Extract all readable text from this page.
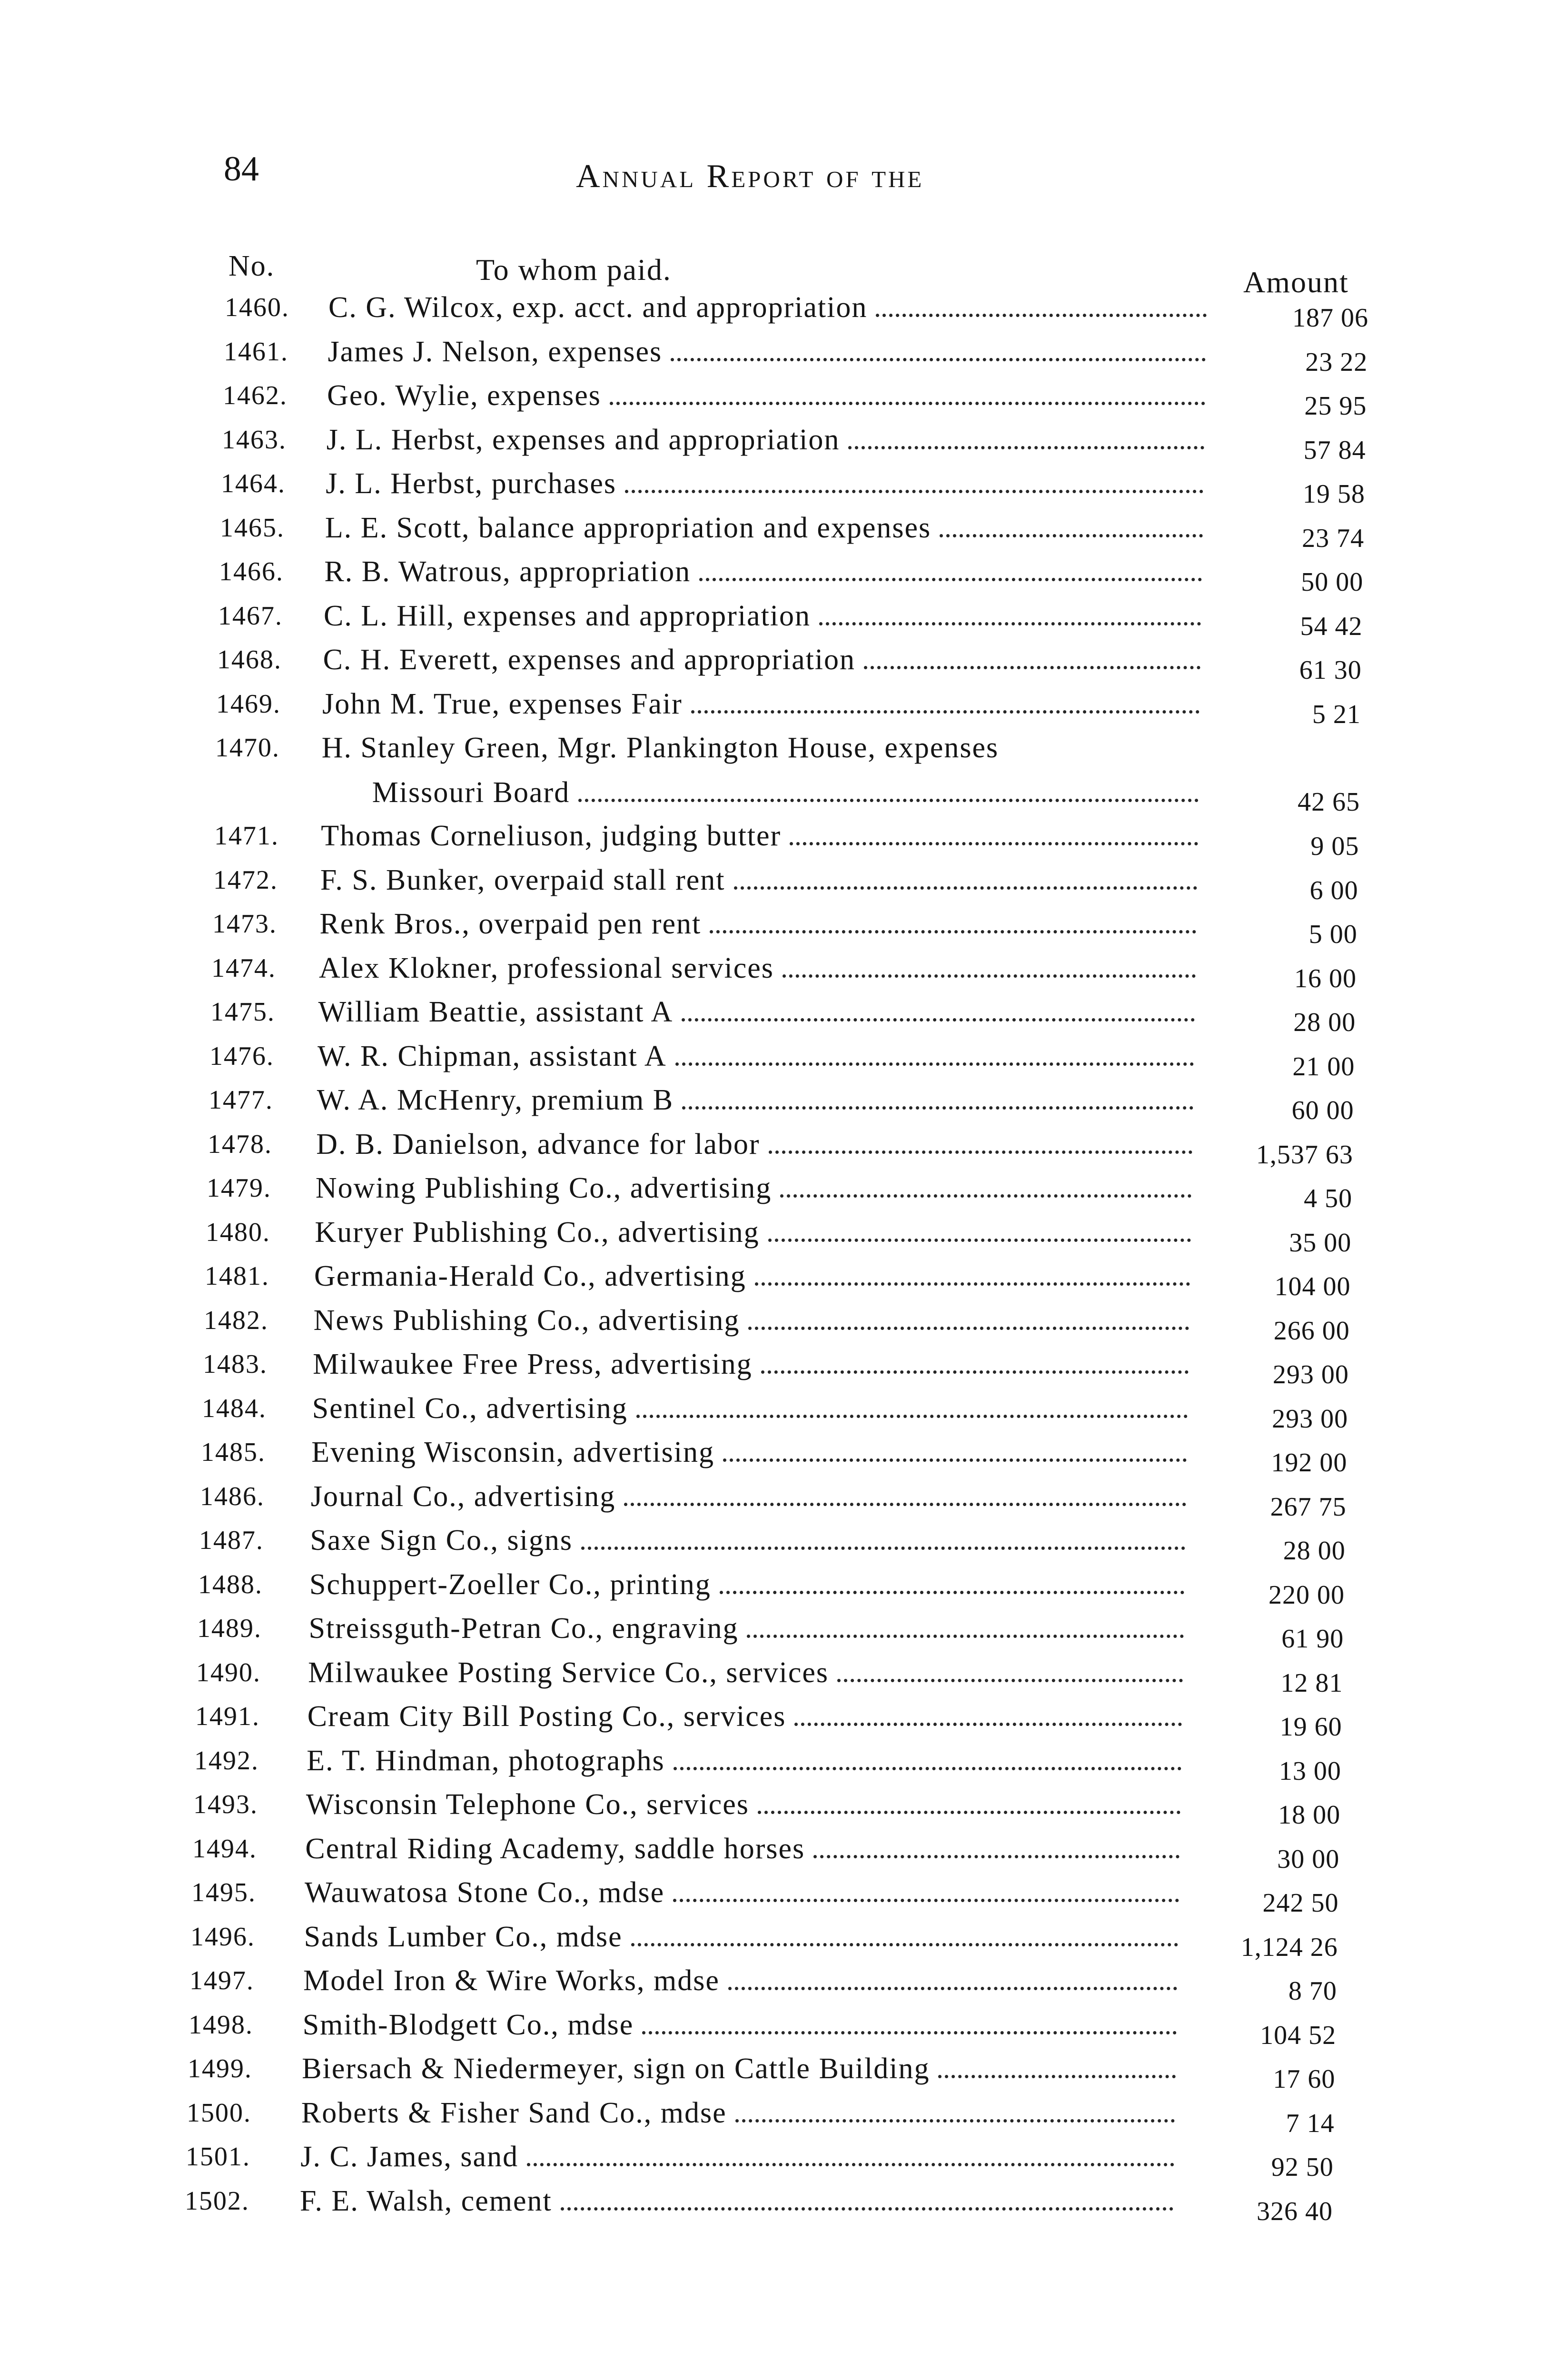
84	Annual Report of the
No.	To whom paid.	Amount
1460.	C. G. Wilcox, exp. acct. and appropriation	187 06
1461.	James J. Nelson, expenses	23 22
1462.	Geo. Wylie, expenses	25 95
1463.	J. L. Herbst, expenses and appropriation	57 84
1464.	J. L. Herbst, purchases	19 58
1465.	L. E. Scott, balance appropriation and expenses	23 74
1466.	R. B. Watrous, appropriation	50 00
1467.	C. L. Hill, expenses and appropriation	54 42
1468.	C. H. Everett, expenses and appropriation	61 30
1469.	John M. True, expenses Fair	5 21
1470.	H. Stanley Green, Mgr. Plankington House, expenses
Missouri Board	42 65
1471.	Thomas Corneliuson, judging butter	9 05
1472.	F. S. Bunker, overpaid stall rent	6 00
1473.	Renk Bros., overpaid pen rent	5 00
1474.	Alex Klokner, professional services	16 00
1475.	William Beattie, assistant A	28 00
1476.	W. R. Chipman, assistant A	21 00
1477.	W. A. McHenry, premium B	60 00
1478.	D. B. Danielson, advance for labor	1,537 63
1479.	Nowing Publishing Co., advertising	4 50
1480.	Kuryer Publishing Co., advertising	35 00
1481.	Germania-Herald Co., advertising	104 00
1482.	News Publishing Co., advertising	266 00
1483.	Milwaukee Free Press, advertising	293 00
1484.	Sentinel Co., advertising	293 00
1485.	Evening Wisconsin, advertising	192 00
1486.	Journal Co., advertising	267 75
1487.	Saxe Sign Co., signs	28 00
1488.	Schuppert-Zoeller Co., printing	220 00
1489.	Streissguth-Petran Co., engraving	61 90
1490.	Milwaukee Posting Service Co., services	12 81
1491.	Cream City Bill Posting Co., services	19 60
1492.	E. T. Hindman, photographs	13 00
1493.	Wisconsin Telephone Co., services	18 00
1494.	Central Riding Academy, saddle horses	30 00
1495.	Wauwatosa Stone Co., mdse	242 50
1496.	Sands Lumber Co., mdse	1,124 26
1497.	Model Iron & Wire Works, mdse	8 70
1498.	Smith-Blodgett Co., mdse	104 52
1499.	Biersach & Niedermeyer, sign on Cattle Building	17 60
1500.	Roberts & Fisher Sand Co., mdse	7 14
1501.	J. C. James, sand	92 50
1502.	F. E. Walsh, cement	326 40
